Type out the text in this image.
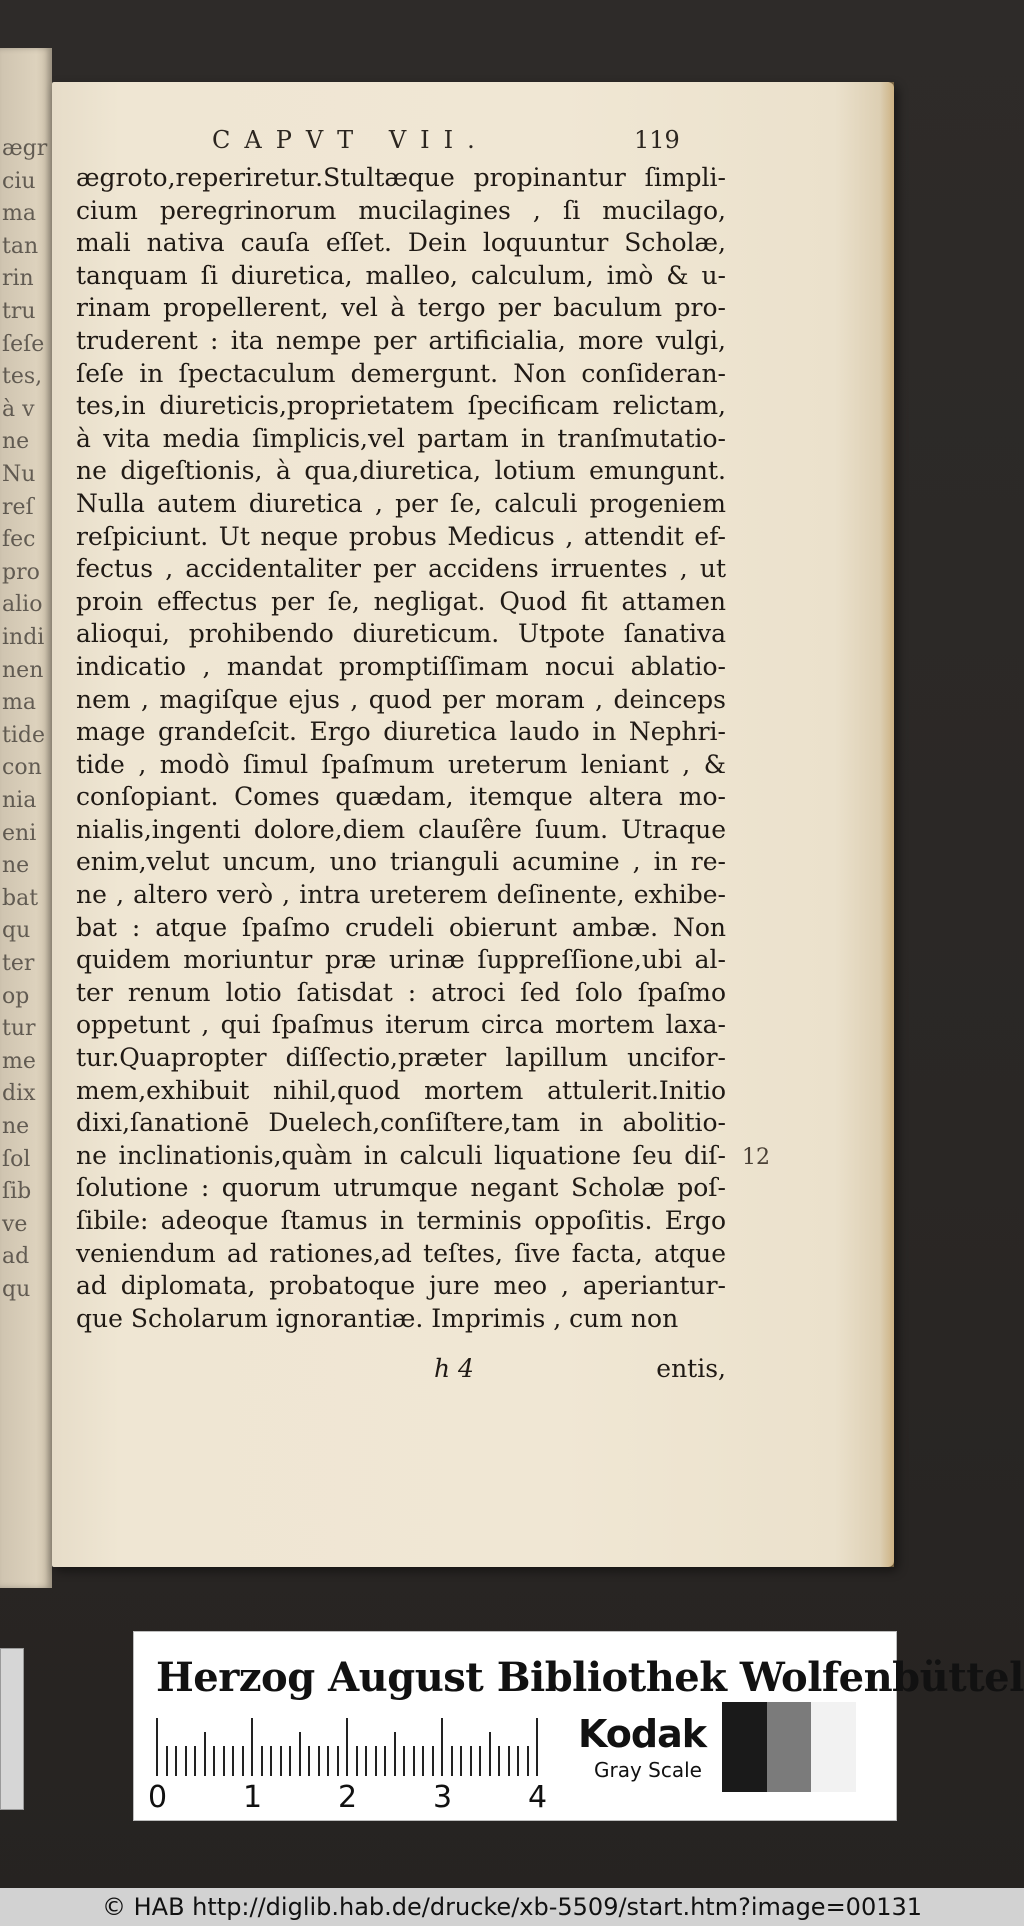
ægr
ciu
ma
tan
rin
tru
ſeſe
tes,
à v
ne
Nu
reſ
fec
pro
alio
indi
nen
ma
tide
con
nia
eni
ne
bat
qu
ter
op
tur
me
dix
ne
ſol
ſib
ve
ad
qu
CAPVT VII.	119
ægroto,reperiretur.Stultæque propinantur ſimpli-
cium peregrinorum mucilagines , ſi mucilago,
mali nativa cauſa eſſet. Dein loquuntur Scholæ,
tanquam ſi diuretica, malleo, calculum, imò & u-
rinam propellerent, vel à tergo per baculum pro-
truderent : ita nempe per artificialia, more vulgi,
ſeſe in ſpectaculum demergunt. Non conſideran-
tes,in diureticis,proprietatem ſpecificam relictam,
à vita media ſimplicis,vel partam in tranſmutatio-
ne digeſtionis, à qua,diuretica, lotium emungunt.
Nulla autem diuretica , per ſe, calculi progeniem
reſpiciunt. Ut neque probus Medicus , attendit ef-
fectus , accidentaliter per accidens irruentes , ut
proin effectus per ſe, negligat. Quod fit attamen
alioqui, prohibendo diureticum. Utpote ſanativa
indicatio , mandat promptiſſimam nocui ablatio-
nem , magiſque ejus , quod per moram , deinceps
mage grandeſcit. Ergo diuretica laudo in Nephri-
tide , modò ſimul ſpaſmum ureterum leniant , &
conſopiant. Comes quædam, itemque altera mo-
nialis,ingenti dolore,diem clauſêre ſuum. Utraque
enim,velut uncum, uno trianguli acumine , in re-
ne , altero verò , intra ureterem deſinente, exhibe-
bat : atque ſpaſmo crudeli obierunt ambæ. Non
quidem moriuntur præ urinæ ſuppreſſione,ubi al-
ter renum lotio ſatisdat : atroci ſed ſolo ſpaſmo
oppetunt , qui ſpaſmus iterum circa mortem laxa-
tur.Quapropter diſſectio,præter lapillum uncifor-
mem,exhibuit nihil,quod mortem attulerit.Initio
dixi,ſanationē Duelech,conſiſtere,tam in abolitio-
ne inclinationis,quàm in calculi liquatione ſeu diſ-
ſolutione : quorum utrumque negant Scholæ poſ-
ſibile: adeoque ſtamus in terminis oppoſitis. Ergo
veniendum ad rationes,ad teſtes, ſive facta, atque
ad diplomata, probatoque jure meo , aperiantur-
que Scholarum ignorantiæ. Imprimis , cum non
12
h 4	entis,
Herzog August Bibliothek Wolfenbüttel
0	1	2	3	4
Kodak
Gray Scale
© HAB http://diglib.hab.de/drucke/xb-5509/start.htm?image=00131
